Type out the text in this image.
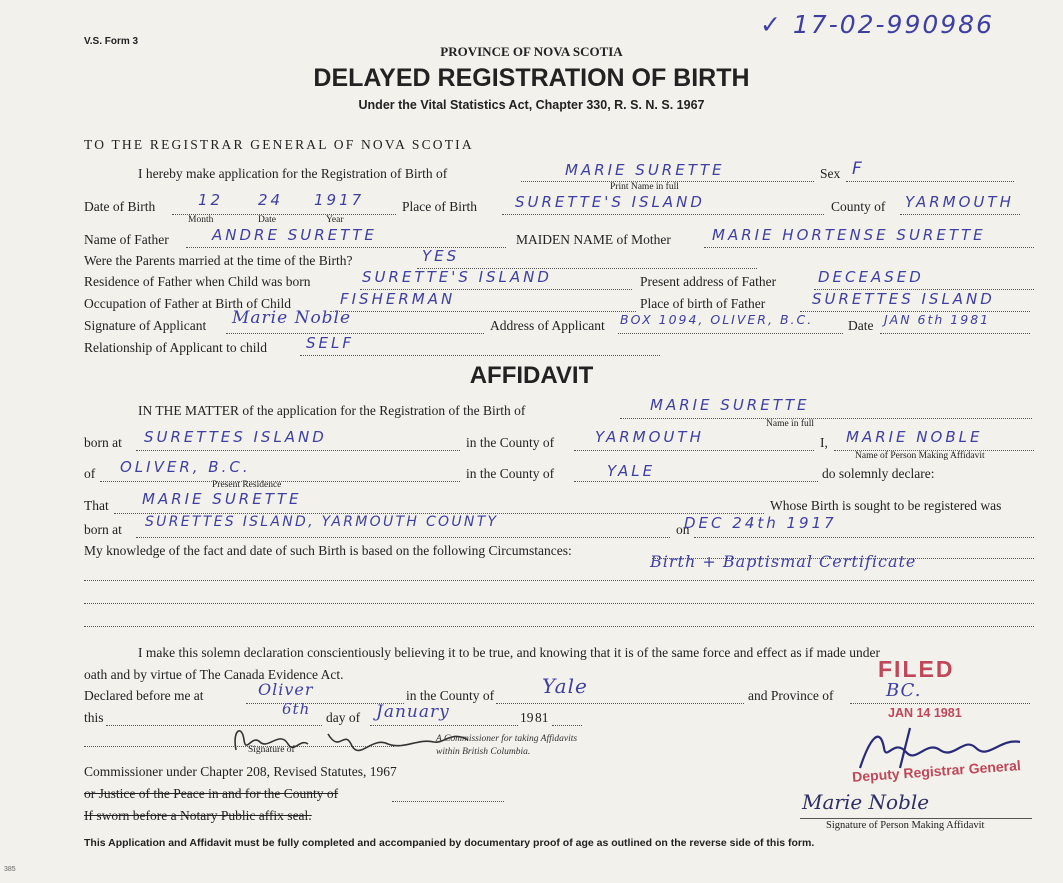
V.S. Form 3
✓ 17-02-990986
PROVINCE OF NOVA SCOTIA
DELAYED REGISTRATION OF BIRTH
Under the Vital Statistics Act, Chapter 330, R. S. N. S. 1967
TO THE REGISTRAR GENERAL OF NOVA SCOTIA
I hereby make application for the Registration of Birth of	MARIE SURETTE
Print Name in full
Sex F
Date of Birth	12 24 1917
Month	Date	Year
Place of Birth	SURETTE'S ISLAND	County of YARMOUTH
Name of Father	ANDRE SURETTE	MAIDEN NAME of Mother	MARIE HORTENSE SURETTE
Were the Parents married at the time of the Birth?	YES
Residence of Father when Child was born	SURETTE'S ISLAND	Present address of Father	DECEASED
Occupation of Father at Birth of Child	FISHERMAN	Place of birth of Father	SURETTES ISLAND
Signature of Applicant Marie Noble	Address of Applicant BOX 1094, OLIVER, B.C.	Date JAN 6th 1981
Relationship of Applicant to child	SELF
AFFIDAVIT
IN THE MATTER of the application for the Registration of the Birth of	MARIE SURETTE
Name in full
born at SURETTES ISLAND	in the County of	YARMOUTH	I, MARIE NOBLE
Name of Person Making Affidavit
of OLIVER, B.C.
Present Residence
in the County of	YALE	do solemnly declare:
That MARIE SURETTE	Whose Birth is sought to be registered was
born at SURETTES ISLAND, YARMOUTH COUNTY	on
DEC 24th 1917
My knowledge of the fact and date of such Birth is based on the following Circumstances:
Birth + Baptismal Certificate
I make this solemn declaration conscientiously believing it to be true, and knowing that it is of the same force and effect as if made under
oath and by virtue of The Canada Evidence Act.
Declared before me at	Oliver	in the County of Yale	and Province of	BC.
this	6th day of January	19 81
Signature of
A Commissioner for taking Affidavits within British Columbia.
Commissioner under Chapter 208, Revised Statutes, 1967
or Justice of the Peace in and for the County of
If sworn before a Notary Public affix seal.
FILED
JAN 14 1981
Deputy Registrar General
Marie Noble
Signature of Person Making Affidavit
This Application and Affidavit must be fully completed and accompanied by documentary proof of age as outlined on the reverse side of this form.
385
